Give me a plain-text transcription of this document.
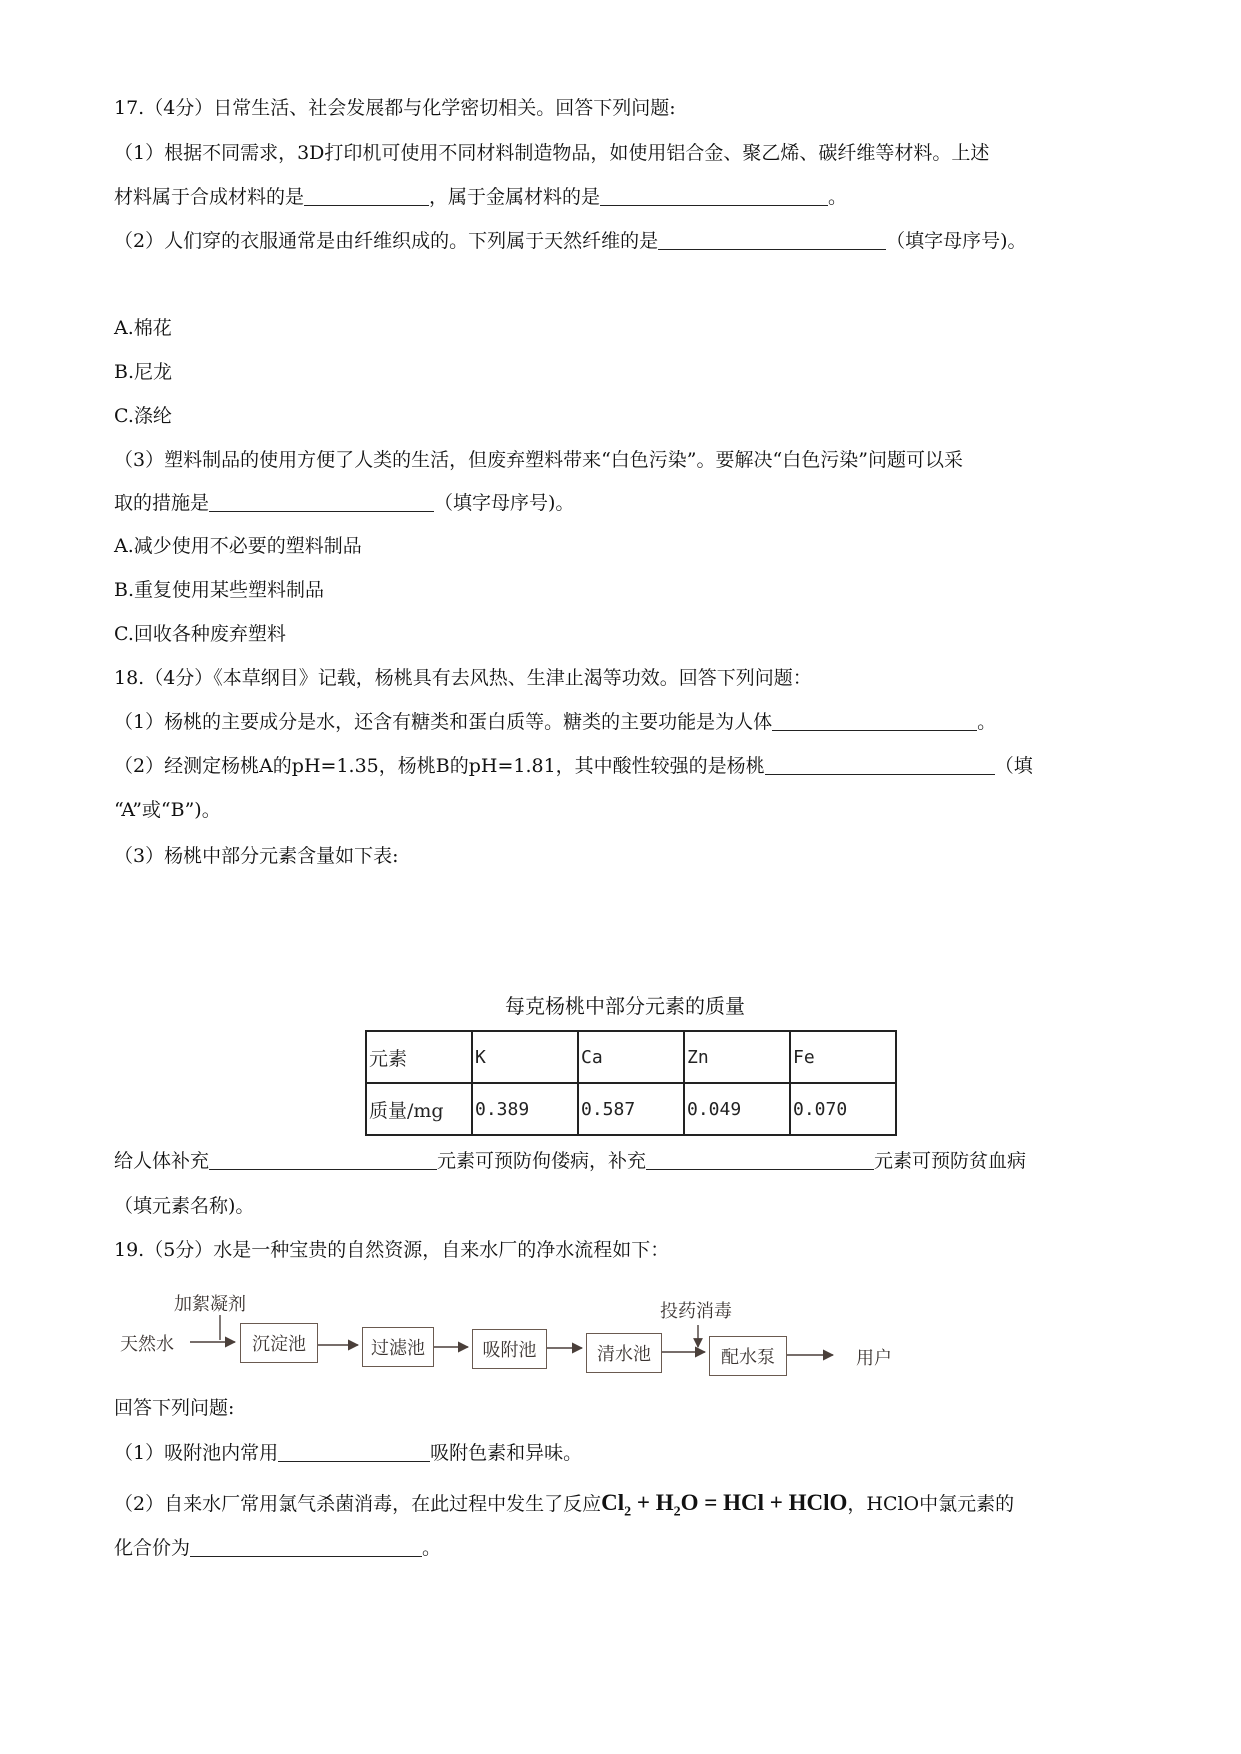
17.（4分）日常生活、社会发展都与化学密切相关。回答下列问题:
（1）根据不同需求，3D打印机可使用不同材料制造物品，如使用铝合金、聚乙烯、碳纤维等材料。上述
材料属于合成材料的是	，属于金属材料的是	。
（2）人们穿的衣服通常是由纤维织成的。下列属于天然纤维的是	（填字母序号)。
A.棉花
B.尼龙
C.涤纶
（3）塑料制品的使用方便了人类的生活，但废弃塑料带来“白色污染”。要解决“白色污染”问题可以采
取的措施是	（填字母序号)。
A.减少使用不必要的塑料制品
B.重复使用某些塑料制品
C.回收各种废弃塑料
18.（4分）《本草纲目》记载，杨桃具有去风热、生津止渴等功效。回答下列问题：
（1）杨桃的主要成分是水，还含有糖类和蛋白质等。糖类的主要功能是为人体	。
（2）经测定杨桃A的pH=1.35，杨桃B的pH=1.81，其中酸性较强的是杨桃	（填
“A”或“B”)。
（3）杨桃中部分元素含量如下表:
每克杨桃中部分元素的质量
元素	K	Ca	Zn	Fe
质量/mg	0.389	0.587	0.049	0.070
给人体补充	元素可预防佝偻病，补充	元素可预防贫血病
（填元素名称)。
19.（5分）水是一种宝贵的自然资源，自来水厂的净水流程如下：
加絮凝剂
天然水	沉淀池	过滤池	吸附池	清水池
投药消毒
配水泵	用户
回答下列问题:
（1）吸附池内常用	吸附色素和异味。
（2）自来水厂常用氯气杀菌消毒，在此过程中发生了反应$Cl_2 + H_2O$ = HCl + HClO，HClO中氯元素的
化合价为	。
